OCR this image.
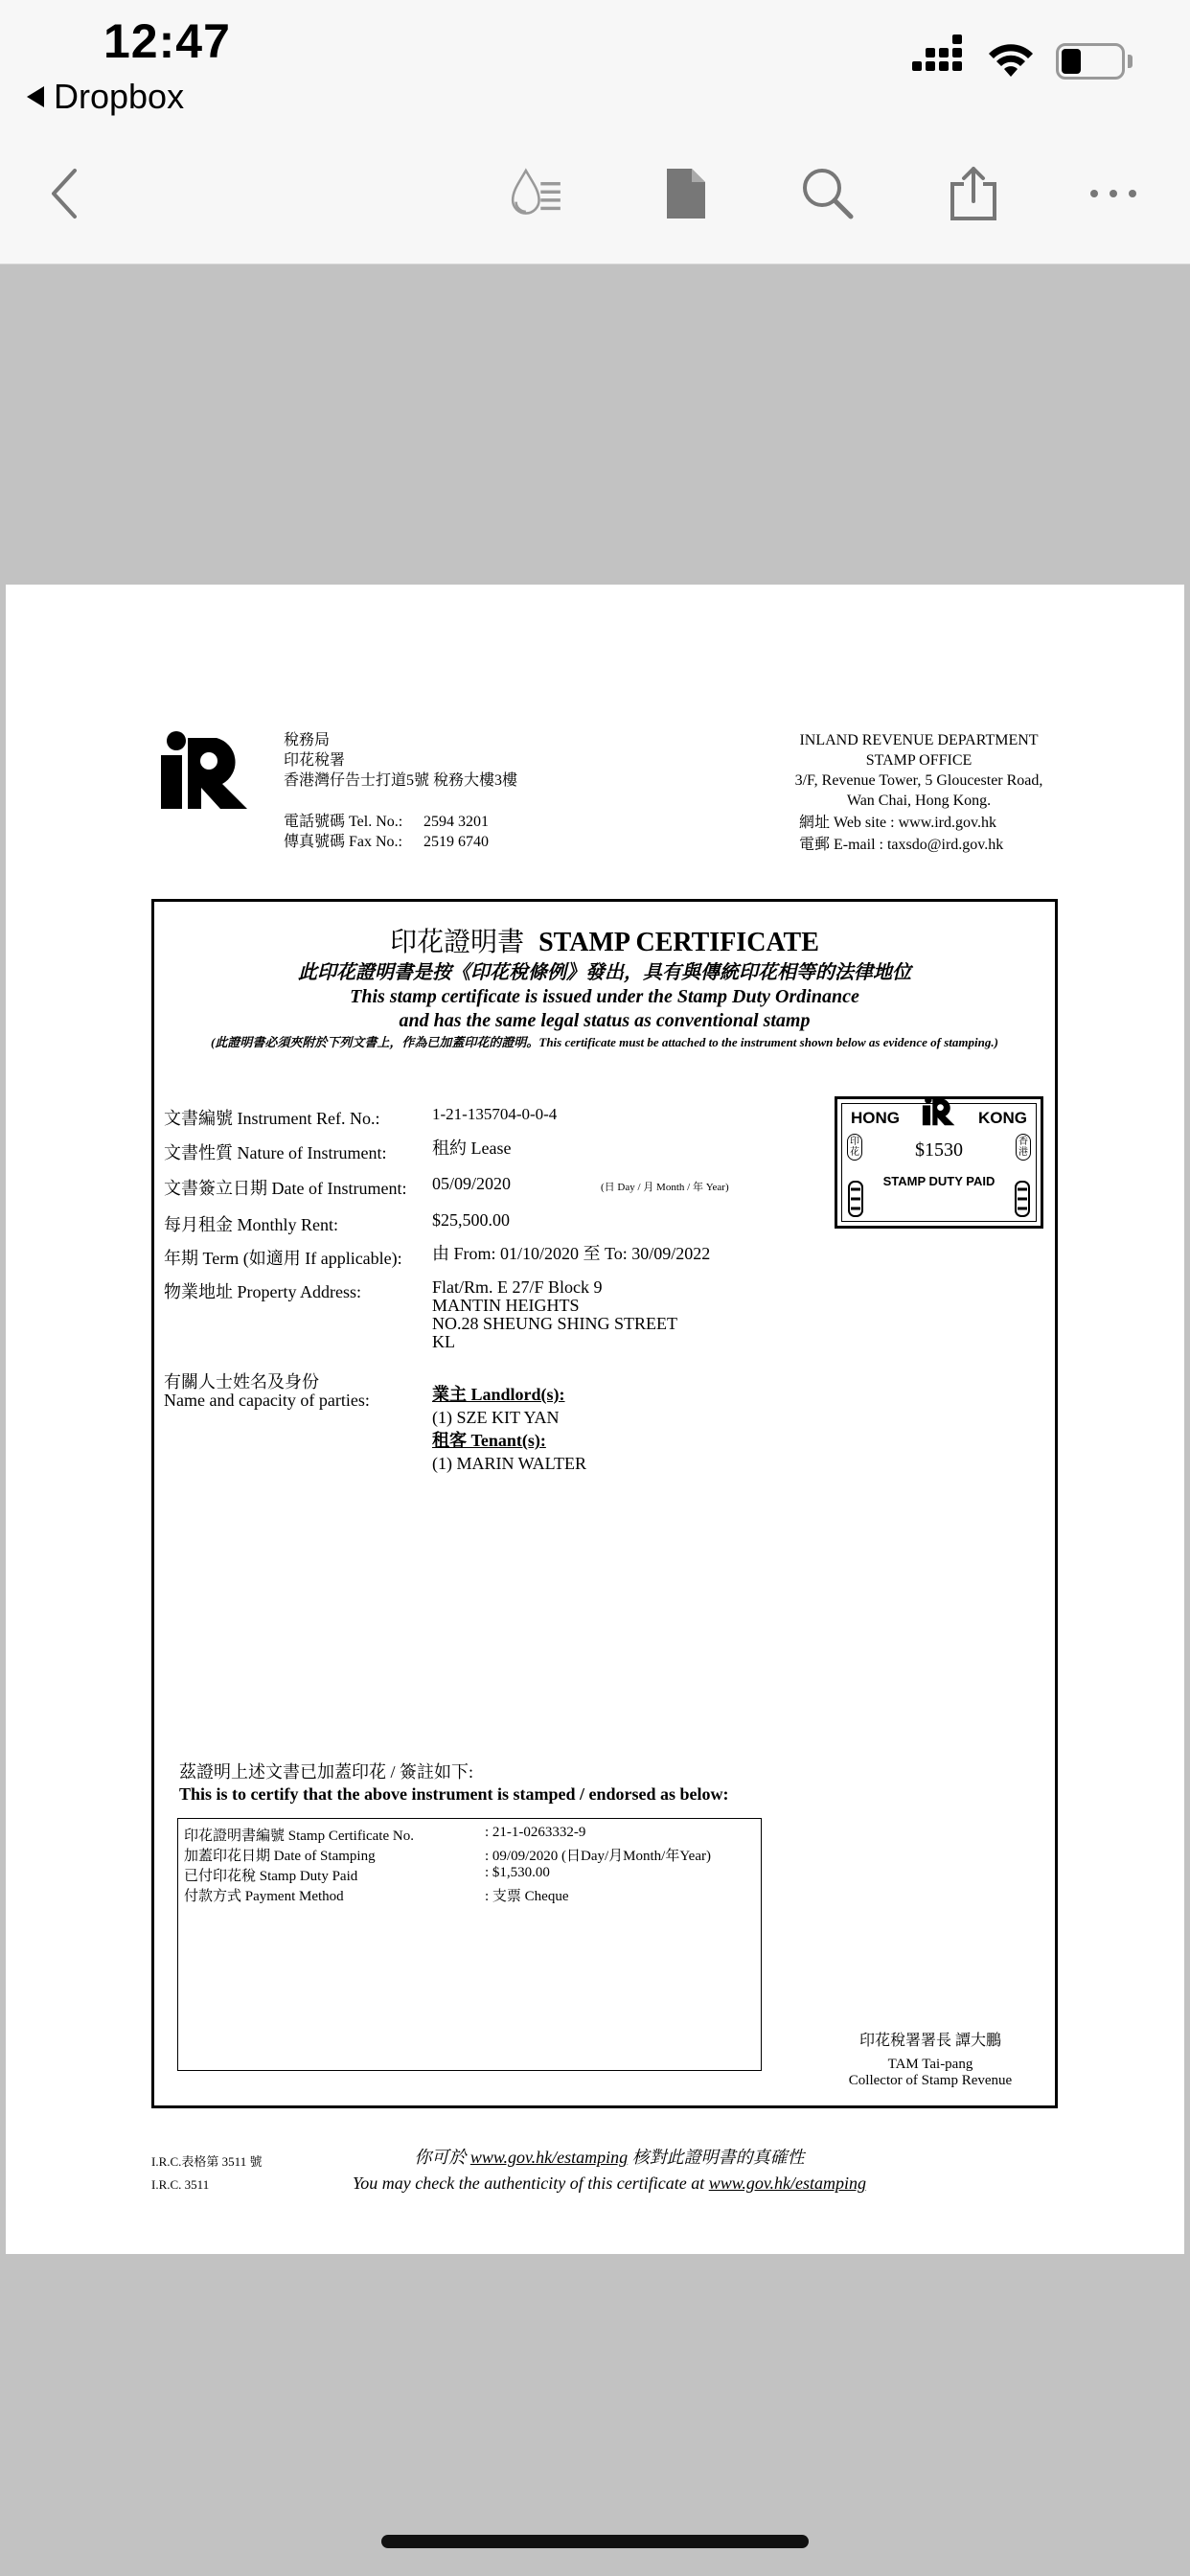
12:47
Dropbox
稅務局
印花稅署
香港灣仔告士打道5號 稅務大樓3樓
電話號碼 Tel. No.: 2594 3201
傳真號碼 Fax No.: 2519 6740
INLAND REVENUE DEPARTMENT
STAMP OFFICE
3/F, Revenue Tower, 5 Gloucester Road,
Wan Chai, Hong Kong.
網址 Web site : www.ird.gov.hk
電郵 E-mail : taxsdo@ird.gov.hk
印花證明書 STAMP CERTIFICATE
此印花證明書是按《印花稅條例》發出，具有與傳統印花相等的法律地位
This stamp certificate is issued under the Stamp Duty Ordinance
and has the same legal status as conventional stamp
(此證明書必須夾附於下列文書上，作為已加蓋印花的證明。This certificate must be attached to the instrument shown below as evidence of stamping.)
文書編號 Instrument Ref. No.:	1-21-135704-0-0-4
文書性質 Nature of Instrument:	租約 Lease
文書簽立日期 Date of Instrument:	05/09/2020	(日 Day / 月 Month / 年 Year)
每月租金 Monthly Rent:	$25,500.00
年期 Term (如適用 If applicable):	由 From: 01/10/2020 至 To: 30/09/2022
物業地址 Property Address:	Flat/Rm. E 27/F Block 9
MANTIN HEIGHTS
NO.28 SHEUNG SHING STREET
KL
有關人士姓名及身份
Name and capacity of parties:	業主 Landlord(s):
(1) SZE KIT YAN
租客 Tenant(s):
(1) MARIN WALTER
HONG	KONG
印花
香港
$1530
STAMP DUTY PAID
茲證明上述文書已加蓋印花 / 簽註如下:
This is to certify that the above instrument is stamped / endorsed as below:
印花證明書編號 Stamp Certificate No.	: 21-1-0263332-9
加蓋印花日期 Date of Stamping	: 09/09/2020 (日Day/月Month/年Year)
已付印花稅 Stamp Duty Paid	: $1,530.00
付款方式 Payment Method	: 支票 Cheque
印花稅署署長 譚大鵬
TAM Tai-pang
Collector of Stamp Revenue
I.R.C.表格第 3511 號
I.R.C. 3511
你可於 www.gov.hk/estamping 核對此證明書的真確性
You may check the authenticity of this certificate at www.gov.hk/estamping
